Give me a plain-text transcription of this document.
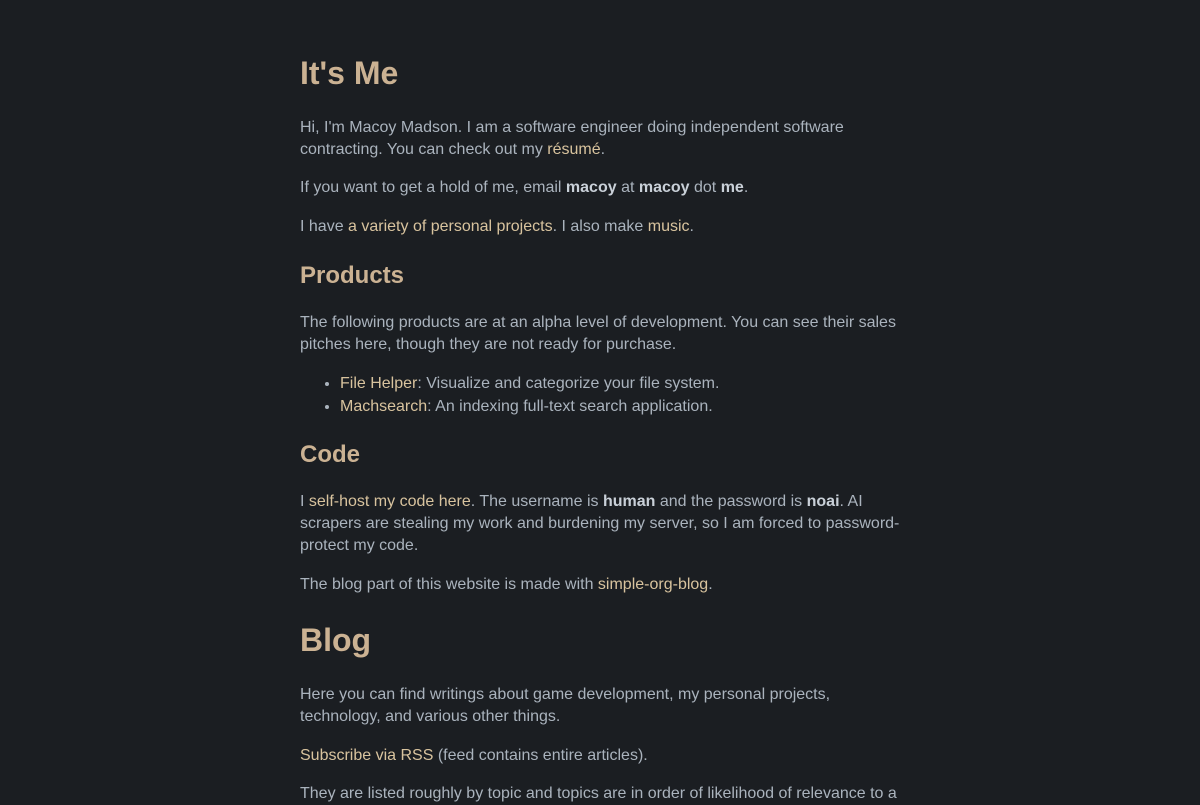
It's Me

Hi, I'm Macoy Madson. I am a software engineer doing independent software contracting. You can check out my résumé.

If you want to get a hold of me, email macoy at macoy dot me.

I have a variety of personal projects. I also make music.

Products

The following products are at an alpha level of development. You can see their sales pitches here, though they are not ready for purchase.

• File Helper: Visualize and categorize your file system.
• Machsearch: An indexing full-text search application.
Code

I self-host my code here. The username is human and the password is noai. AI scrapers are stealing my work and burdening my server, so I am forced to password-protect my code.

The blog part of this website is made with simple-org-blog.

Blog

Here you can find writings about game development, my personal projects, technology, and various other things.

Subscribe via RSS (feed contains entire articles).

They are listed roughly by topic and topics are in order of likelihood of relevance to a
